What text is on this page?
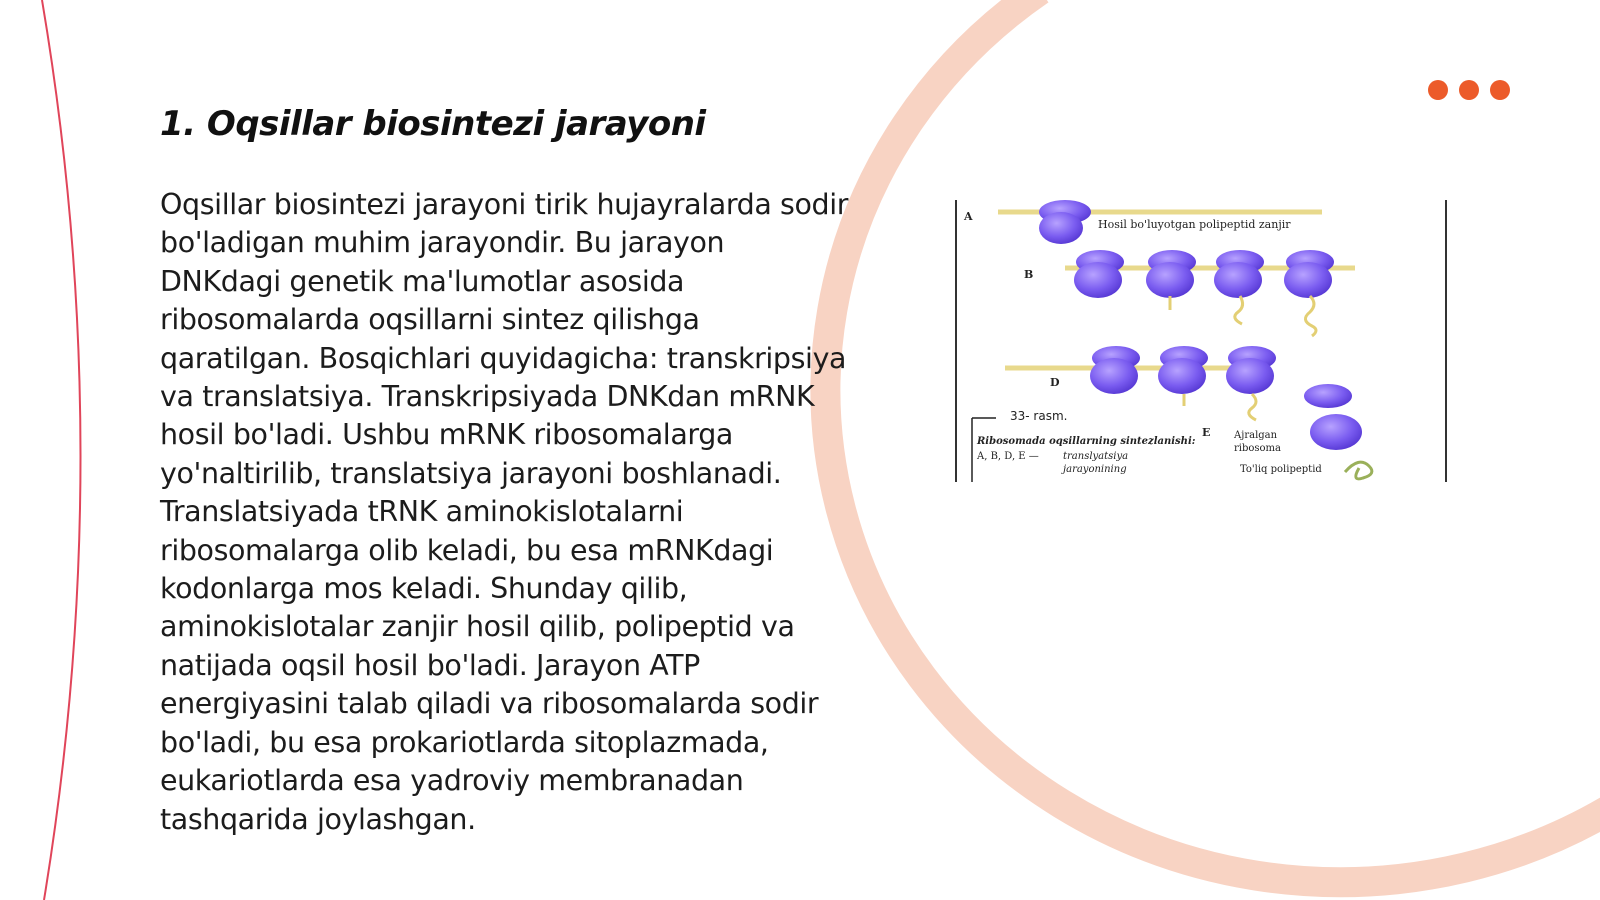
1. Oqsillar biosintezi jarayoni

Oqsillar biosintezi jarayoni tirik hujayralarda sodir bo'ladigan muhim jarayondir. Bu jarayon DNKdagi genetik ma'lumotlar asosida ribosomalarda oqsillarni sintez qilishga qaratilgan. Bosqichlari quyidagicha: transkripsiya va translatsiya. Transkripsiyada DNKdan mRNK hosil bo'ladi. Ushbu mRNK ribosomalarga yo'naltirilib, translatsiya jarayoni boshlanadi. Translatsiyada tRNK aminokislotalarni ribosomalarga olib keladi, bu esa mRNKdagi kodonlarga mos keladi. Shunday qilib, aminokislotalar zanjir hosil qilib, polipeptid va natijada oqsil hosil bo'ladi. Jarayon ATP energiyasini talab qiladi va ribosomalarda sodir bo'ladi, bu esa prokariotlarda sitoplazmada, eukariotlarda esa yadroviy membranadan tashqarida joylashgan.

A
Hosil bo'luyotgan polipeptid zanjir
B
D
33- rasm.
E Ajralgan
ribosoma
Ribosomada oqsillarning sintezlanishi:
A, B, D, E — translyatsiya
jarayonining	To'liq polipeptid
